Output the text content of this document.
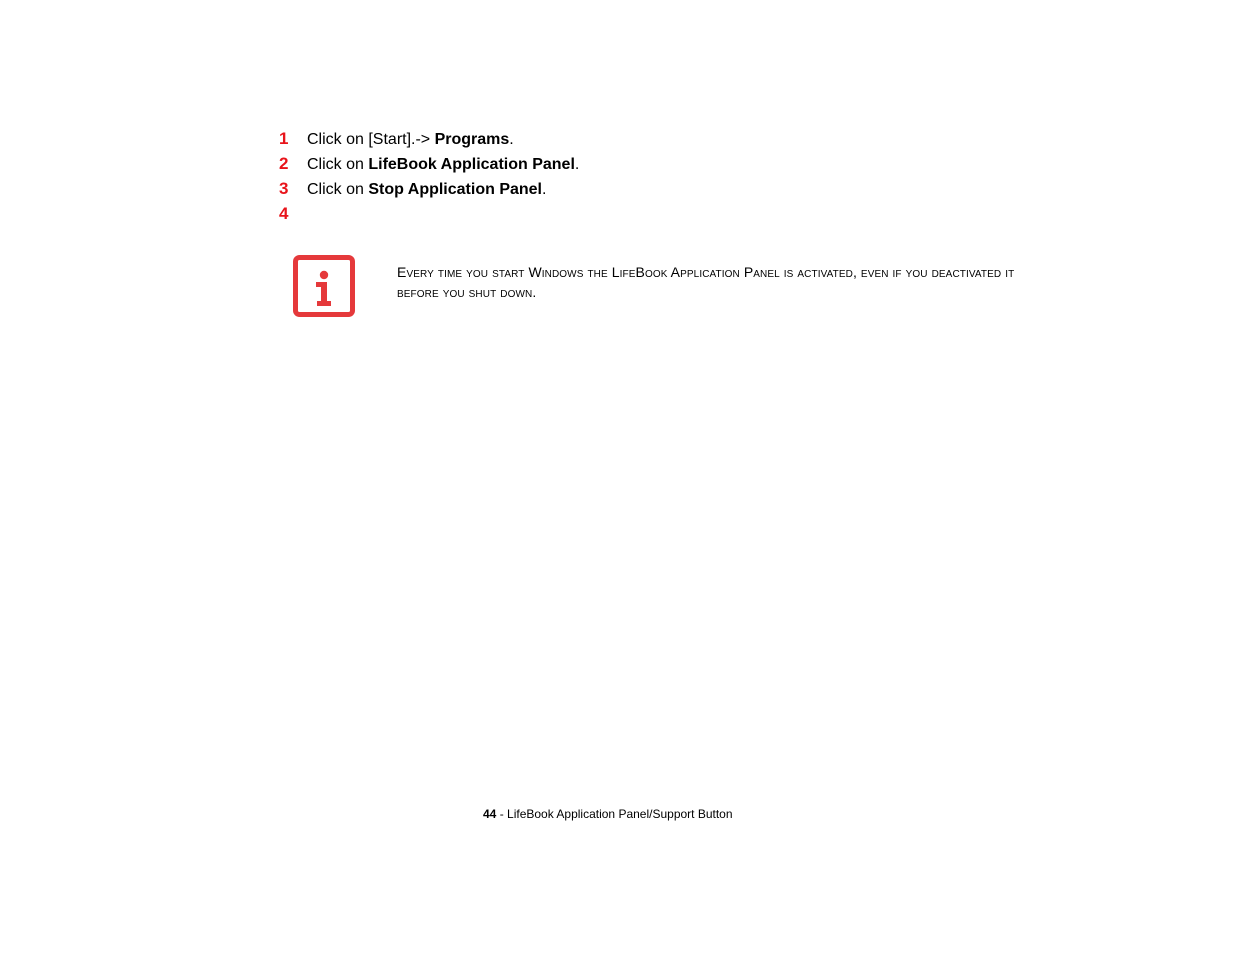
1	Click on [Start].-> Programs.
2	Click on LifeBook Application Panel.
3	Click on Stop Application Panel.
4
Every time you start Windows the LifeBook Application Panel is activated, even if you deactivated it before you shut down.
44 - LifeBook Application Panel/Support Button
